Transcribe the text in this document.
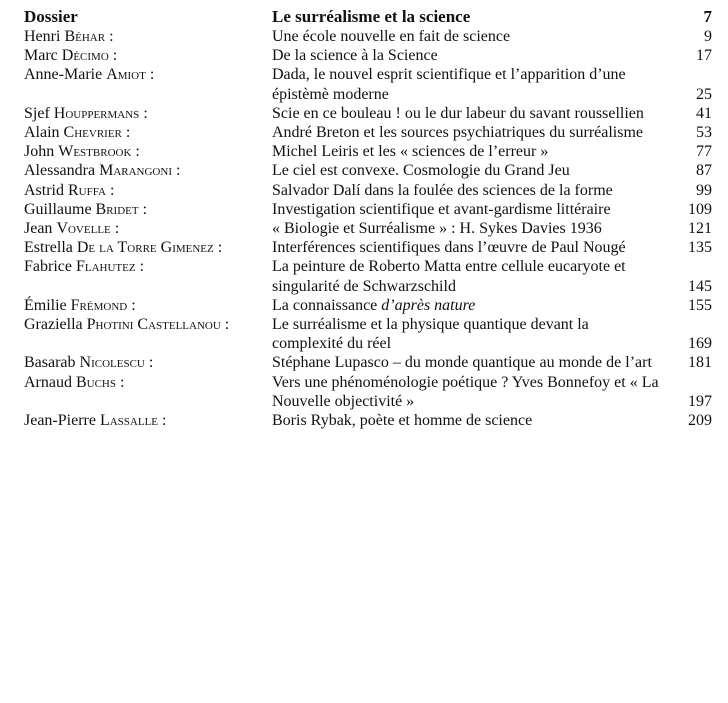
Dossier	Le surréalisme et la science	7
Henri Béhar :	Une école nouvelle en fait de science	9
Marc Décimo :	De la science à la Science	17
Anne-Marie Amiot :	Dada, le nouvel esprit scientifique et l’apparition d’une épistèmè moderne	25
Sjef Houppermans :	Scie en ce bouleau ! ou le dur labeur du savant roussellien	41
Alain Chevrier :	André Breton et les sources psychiatriques du surréalisme	53
John Westbrook :	Michel Leiris et les « sciences de l’erreur »	77
Alessandra Marangoni :	Le ciel est convexe. Cosmologie du Grand Jeu	87
Astrid Ruffa :	Salvador Dalí dans la foulée des sciences de la forme	99
Guillaume Bridet :	Investigation scientifique et avant-gardisme littéraire	109
Jean Vovelle :	« Biologie et Surréalisme » : H. Sykes Davies 1936	121
Estrella De la Torre Gimenez :	Interférences scientifiques dans l’œuvre de Paul Nougé	135
Fabrice Flahutez :	La peinture de Roberto Matta entre cellule eucaryote et singularité de Schwarzschild	145
Émilie Frémond :	La connaissance d’après nature	155
Graziella Photini Castellanou :	Le surréalisme et la physique quantique devant la complexité du réel	169
Basarab Nicolescu :	Stéphane Lupasco – du monde quantique au monde de l’art	181
Arnaud Buchs :	Vers une phénoménologie poétique ? Yves Bonnefoy et « La Nouvelle objectivité »	197
Jean-Pierre Lassalle :	Boris Rybak, poète et homme de science	209
